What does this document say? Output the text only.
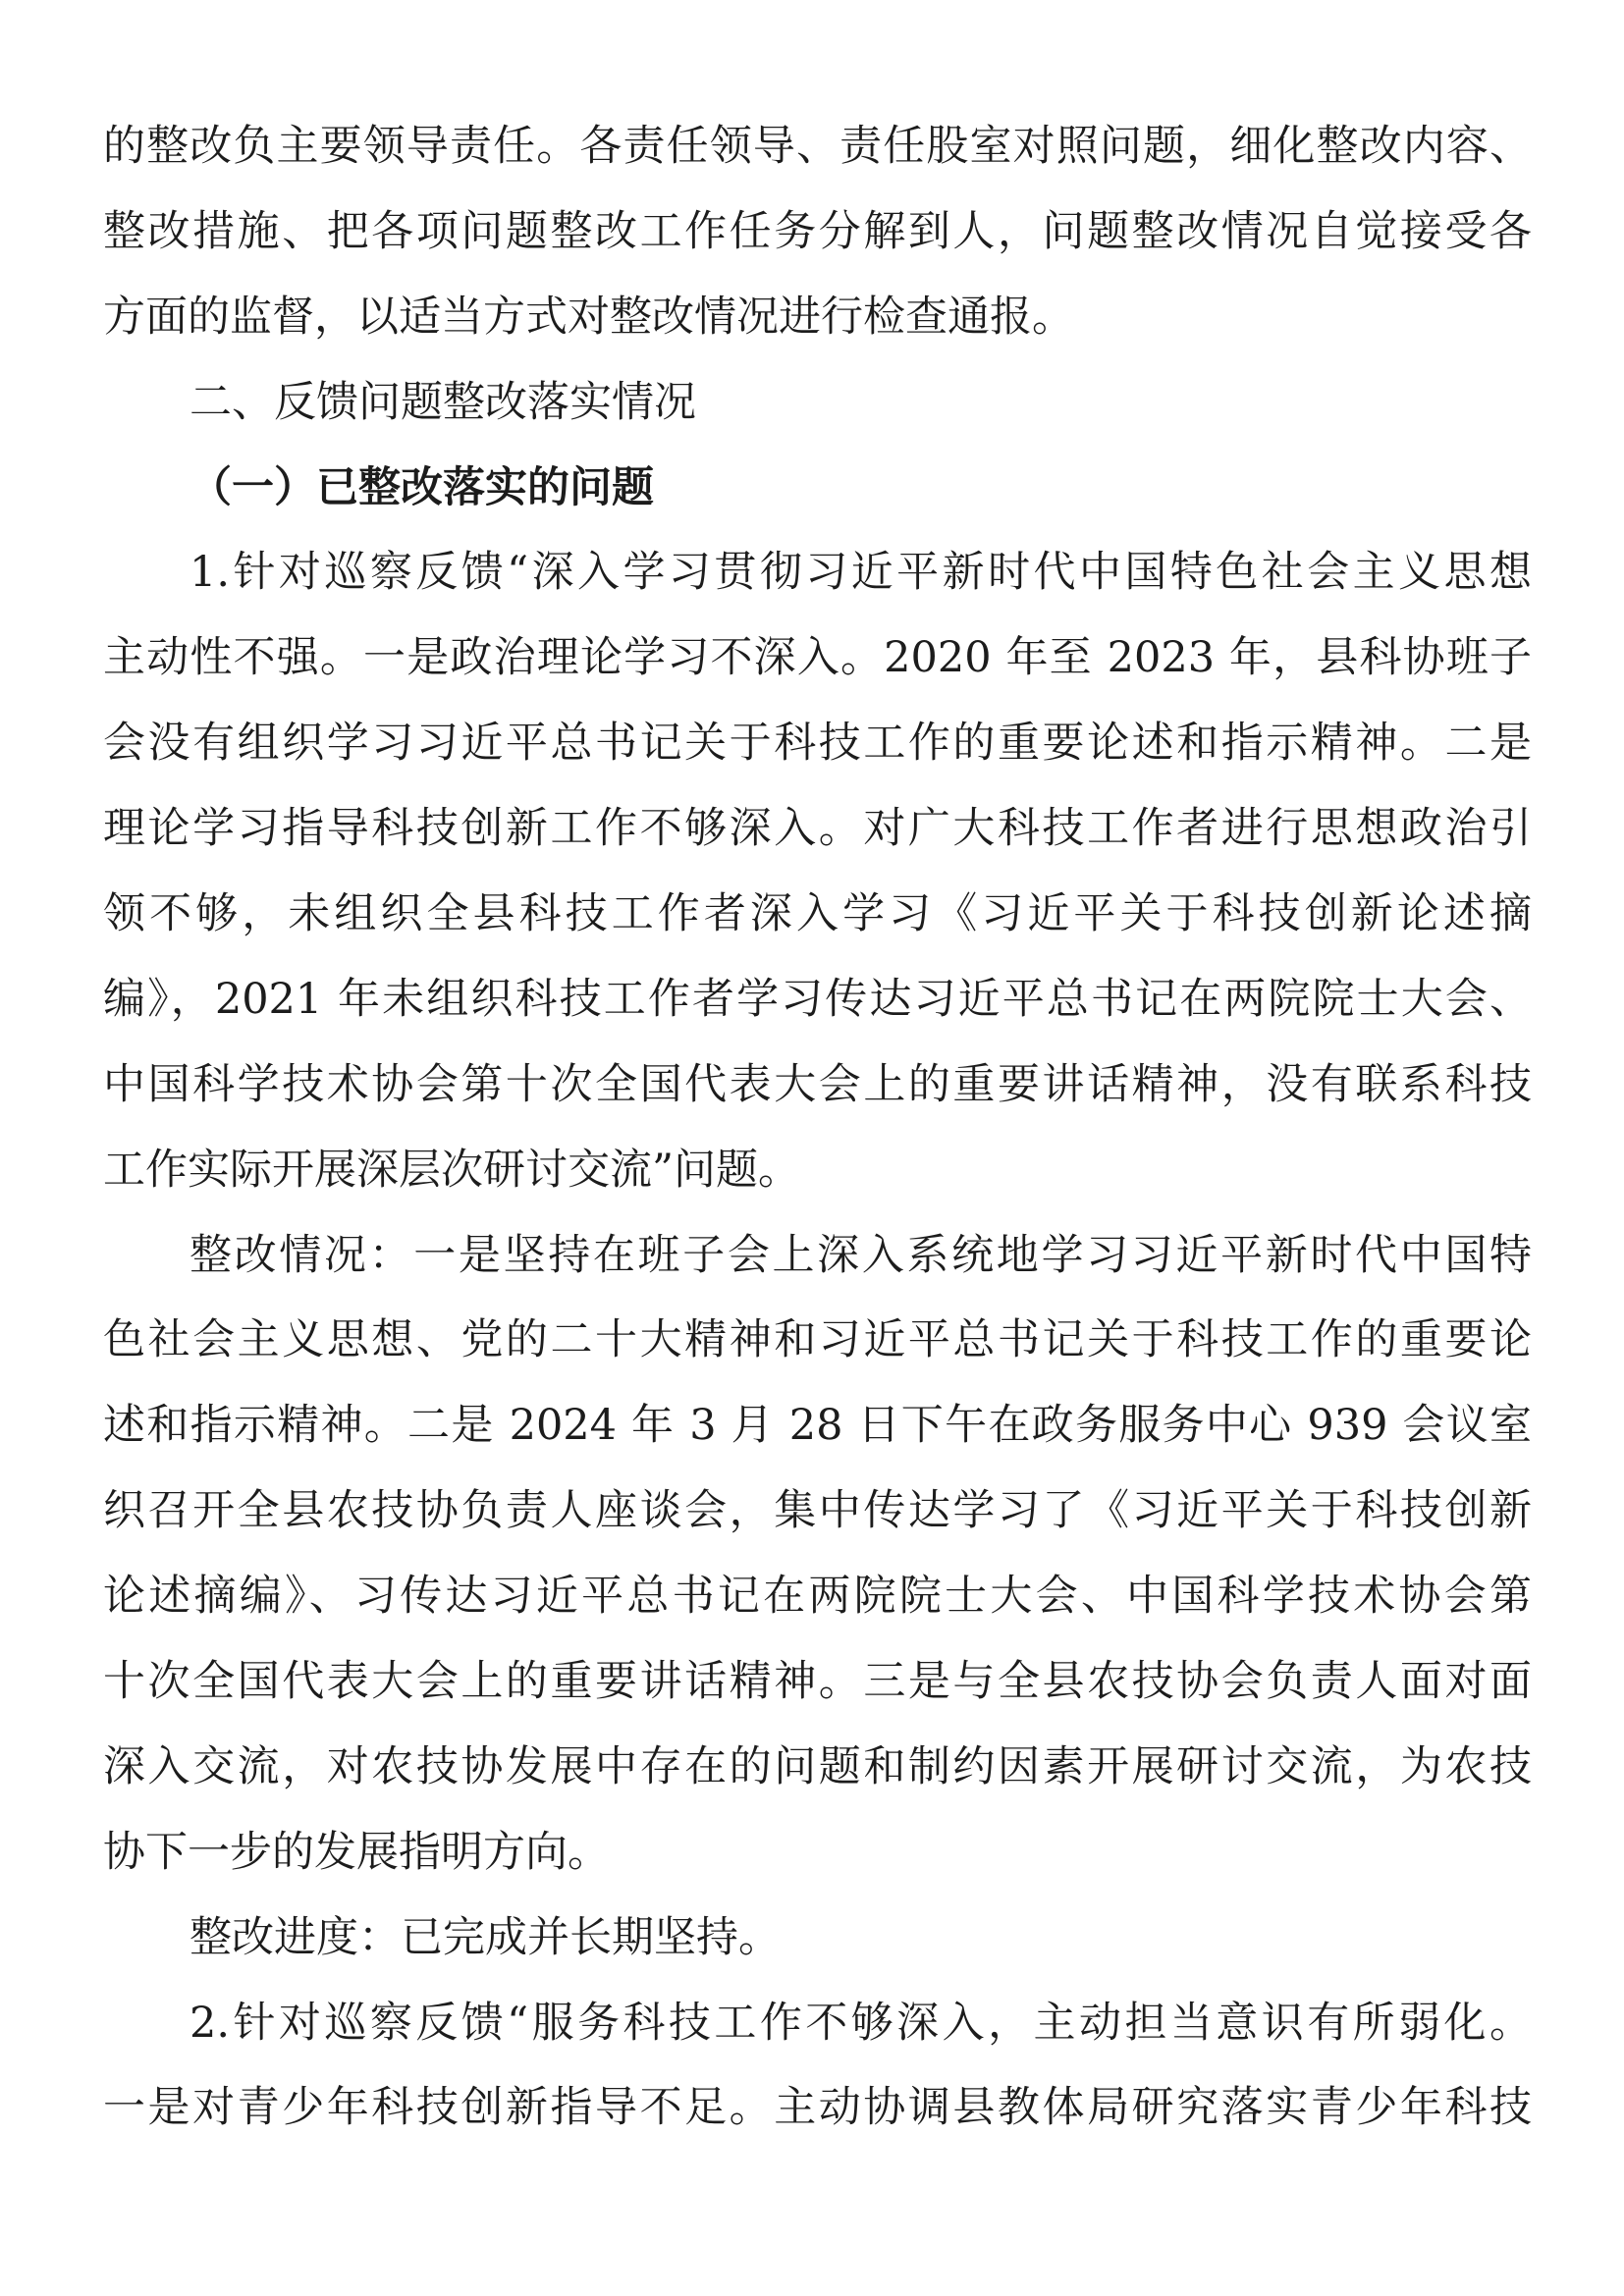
的整改负主要领导责任。各责任领导、责任股室对照问题，细化整改内容、
整改措施、把各项问题整改工作任务分解到人，问题整改情况自觉接受各
方面的监督，以适当方式对整改情况进行检查通报。
二、反馈问题整改落实情况
（一）已整改落实的问题
1.针对巡察反馈“深入学习贯彻习近平新时代中国特色社会主义思想
主动性不强。一是政治理论学习不深入。2020 年至 2023 年，县科协班子
会没有组织学习习近平总书记关于科技工作的重要论述和指示精神。二是
理论学习指导科技创新工作不够深入。对广大科技工作者进行思想政治引
领不够，未组织全县科技工作者深入学习《习近平关于科技创新论述摘
编》，2021 年未组织科技工作者学习传达习近平总书记在两院院士大会、
中国科学技术协会第十次全国代表大会上的重要讲话精神，没有联系科技
工作实际开展深层次研讨交流”问题。
整改情况：一是坚持在班子会上深入系统地学习习近平新时代中国特
色社会主义思想、党的二十大精神和习近平总书记关于科技工作的重要论
述和指示精神。二是 2024 年 3 月 28 日下午在政务服务中心 939 会议室
织召开全县农技协负责人座谈会，集中传达学习了《习近平关于科技创新
论述摘编》、习传达习近平总书记在两院院士大会、中国科学技术协会第
十次全国代表大会上的重要讲话精神。三是与全县农技协会负责人面对面
深入交流，对农技协发展中存在的问题和制约因素开展研讨交流，为农技
协下一步的发展指明方向。
整改进度：已完成并长期坚持。
2.针对巡察反馈“服务科技工作不够深入，主动担当意识有所弱化。
一是对青少年科技创新指导不足。主动协调县教体局研究落实青少年科技
